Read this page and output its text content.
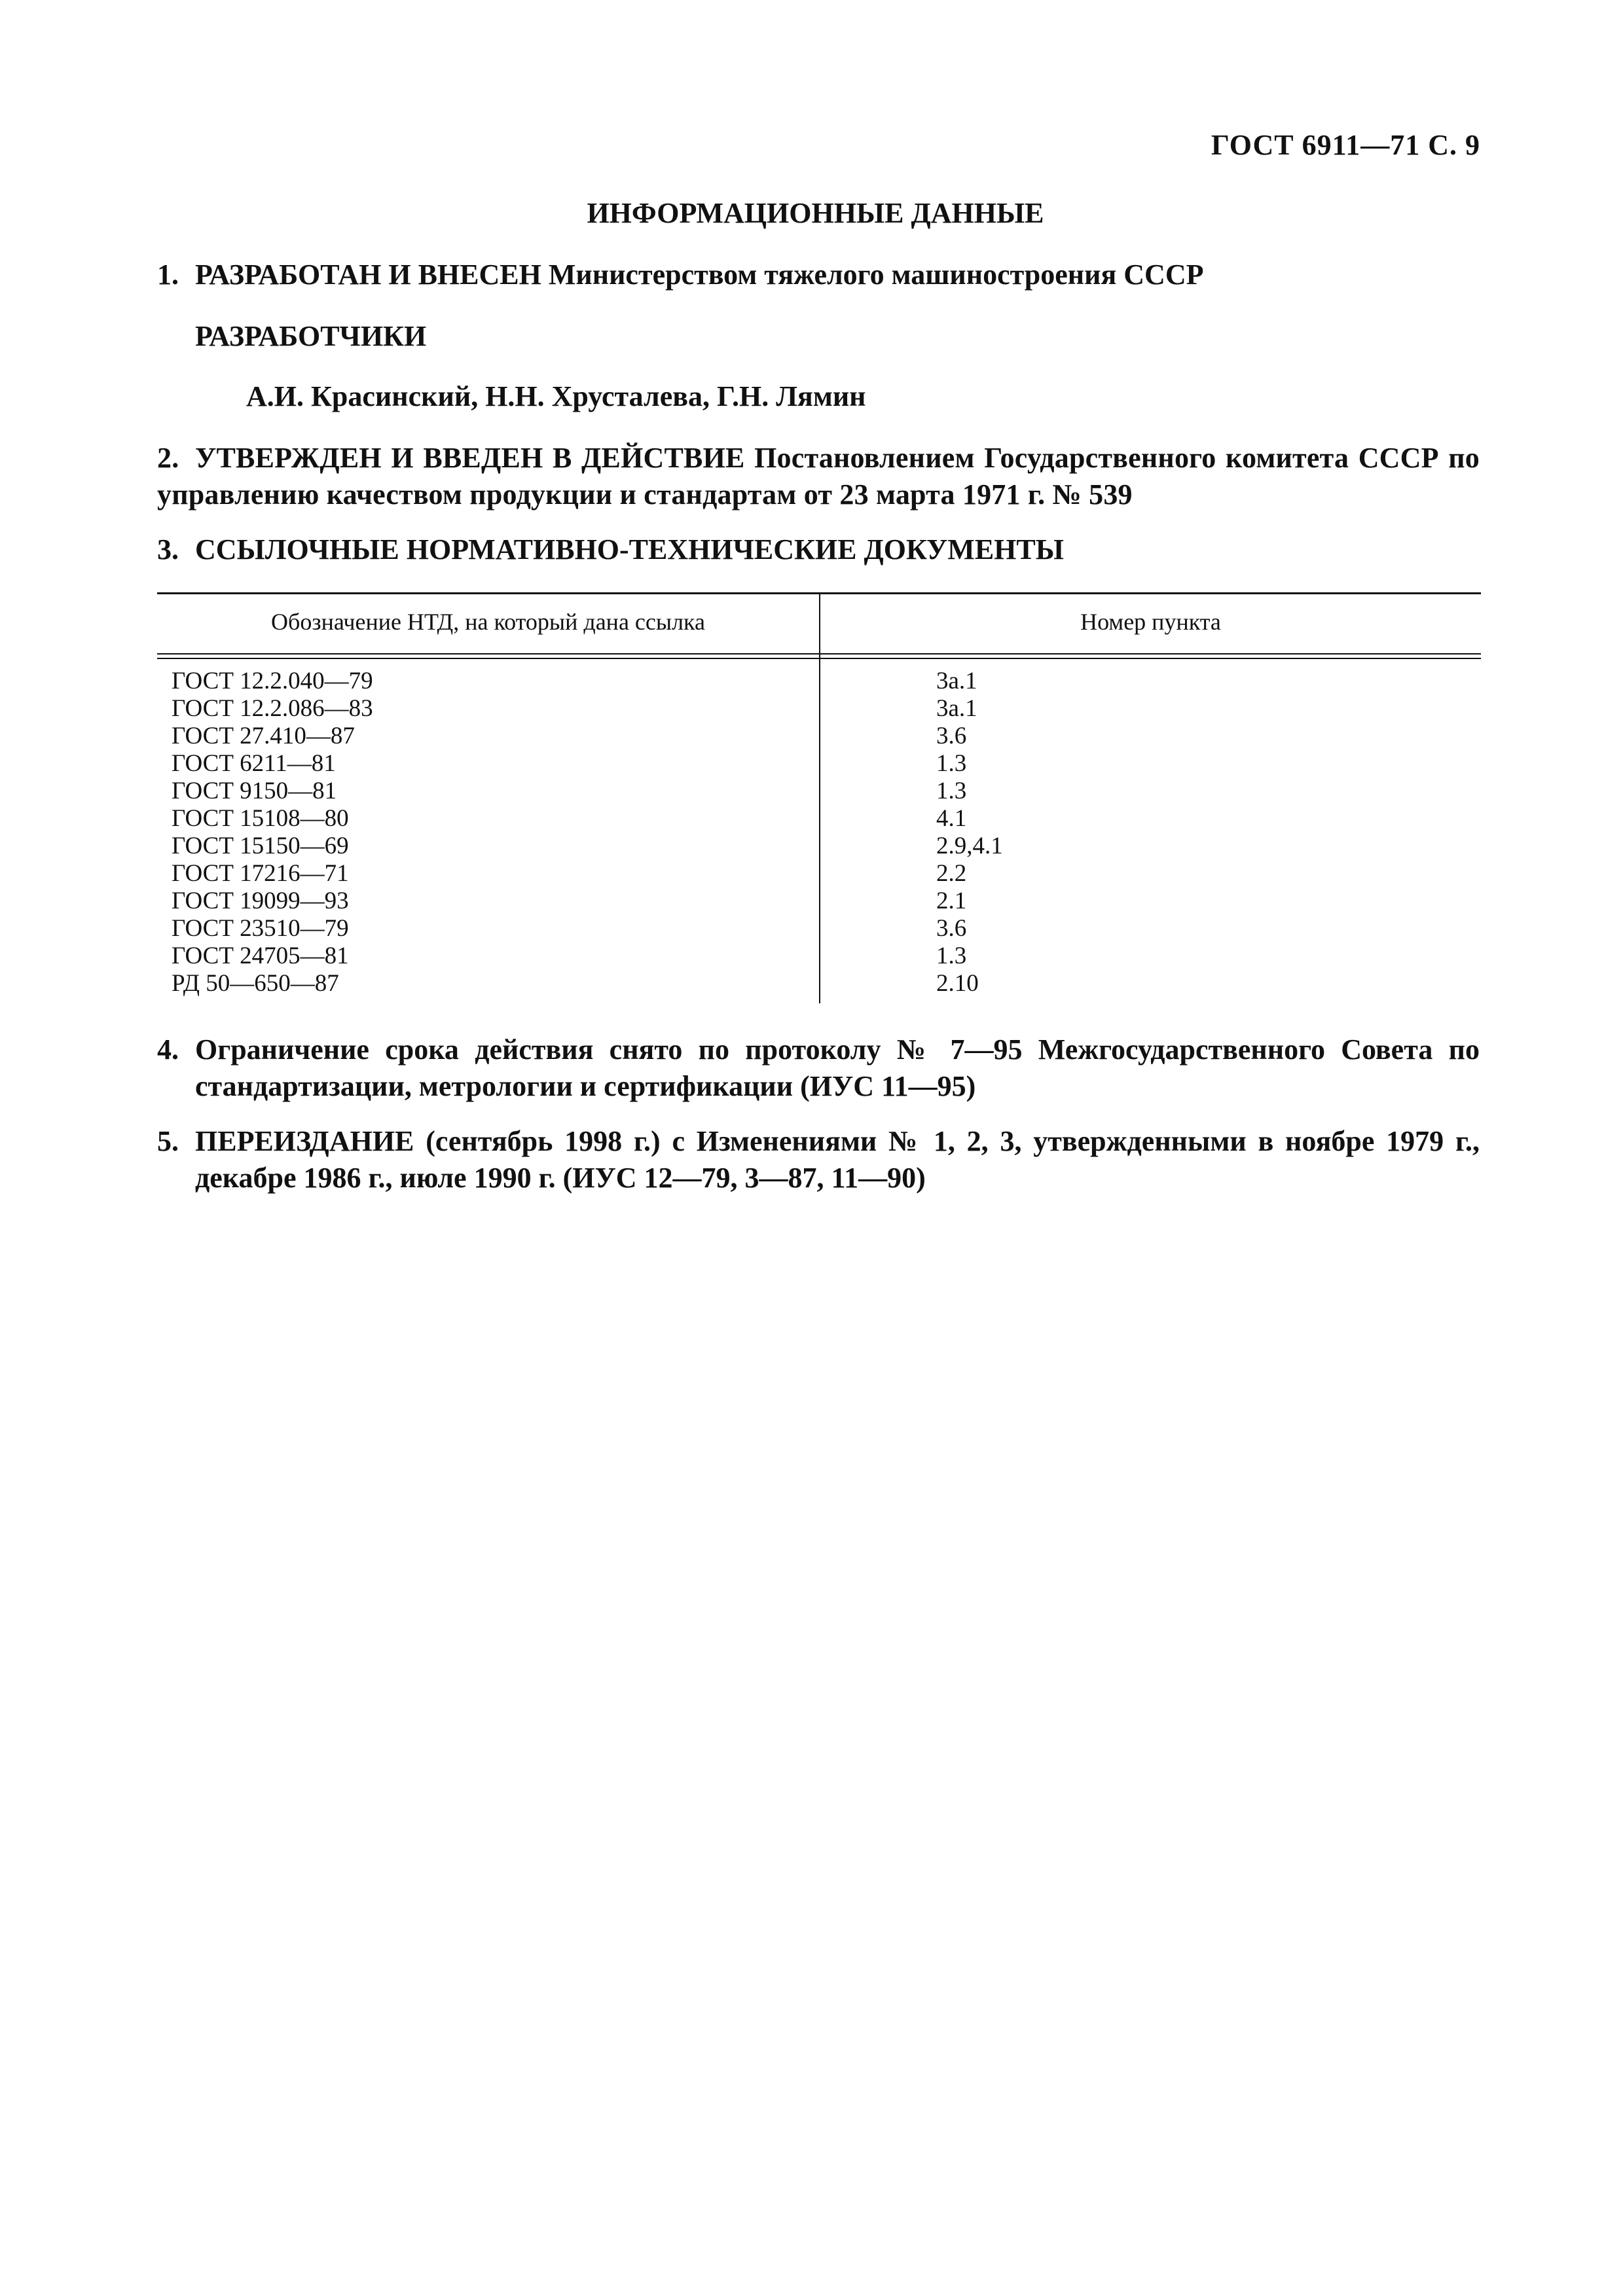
ГОСТ 6911—71 С. 9
ИНФОРМАЦИОННЫЕ ДАННЫЕ
1. РАЗРАБОТАН И ВНЕСЕН Министерством тяжелого машиностроения СССР
РАЗРАБОТЧИКИ
А.И. Красинский, Н.Н. Хрусталева, Г.Н. Лямин
2. УТВЕРЖДЕН И ВВЕДЕН В ДЕЙСТВИЕ Постановлением Государственного комитета СССР по управлению качеством продукции и стандартам от 23 марта 1971 г. № 539
3. ССЫЛОЧНЫЕ НОРМАТИВНО-ТЕХНИЧЕСКИЕ ДОКУМЕНТЫ
Обозначение НТД, на который дана ссылка	Номер пункта
ГОСТ 12.2.040—79
ГОСТ 12.2.086—83
ГОСТ 27.410—87
ГОСТ 6211—81
ГОСТ 9150—81
ГОСТ 15108—80
ГОСТ 15150—69
ГОСТ 17216—71
ГОСТ 19099—93
ГОСТ 23510—79
ГОСТ 24705—81
РД 50—650—87
3а.1
3а.1
3.6
1.3
1.3
4.1
2.9,4.1
2.2
2.1
3.6
1.3
2.10
4. Ограничение срока действия снято по протоколу № 7—95 Межгосударственного Совета по стандартизации, метрологии и сертификации (ИУС 11—95)
5. ПЕРЕИЗДАНИЕ (сентябрь 1998 г.) с Изменениями № 1, 2, 3, утвержденными в ноябре 1979 г., декабре 1986 г., июле 1990 г. (ИУС 12—79, 3—87, 11—90)
